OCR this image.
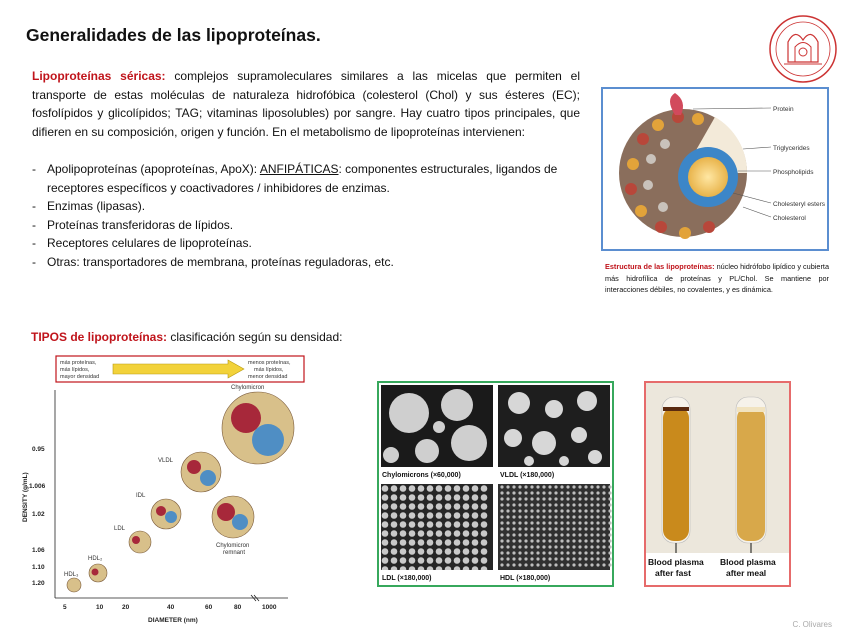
Generalidades de las lipoproteínas.

Lipoproteínas séricas: complejos supramoleculares similares a las micelas que permiten el transporte de estas moléculas de naturaleza hidrofóbica (colesterol (Chol) y sus ésteres (EC); fosfolípidos y glicolípidos; TAG; vitaminas liposolubles) por sangre. Hay cuatro tipos principales, que difieren en su composición, origen y función. En el metabolismo de lipoproteínas intervienen:

- Apolipoproteínas (apoproteínas, ApoX): ANFIPÁTICAS: componentes estructurales, ligandos de receptores específicos y coactivadores / inhibidores de enzimas.
- Enzimas (lipasas).
- Proteínas transferidoras de lípidos.
- Receptores celulares de lipoproteínas.
- Otras: transportadores de membrana, proteínas reguladoras, etc.
Protein
Triglycerides
Phospholipids
Cholesteryl esters
Cholesterol

Estructura de las lipoproteínas: núcleo hidrófobo lipídico y cubierta más hidrofílica de proteínas y PL/Chol. Se mantiene por interacciones débiles, no covalentes, y es dinámica.

TIPOS de lipoproteínas: clasificación según su densidad:

más proteínas,
más lípidos,
mayor densidad
menos proteínas,
más lípidos,
menor densidad
DENSITY (g/mL)
DIAMETER (nm)
0.95
1.006
1.02
1.06
1.10
1.20
5	10	20	40	60	80	1000
Chylomicron
VLDL
IDL
LDL
Chylomicron
remnant
HDL₂
HDL₃
Chylomicrons (×60,000)	VLDL (×180,000)
LDL (×180,000)	HDL (×180,000)
Blood plasma
after fast
Blood plasma
after meal

C. Olivares
